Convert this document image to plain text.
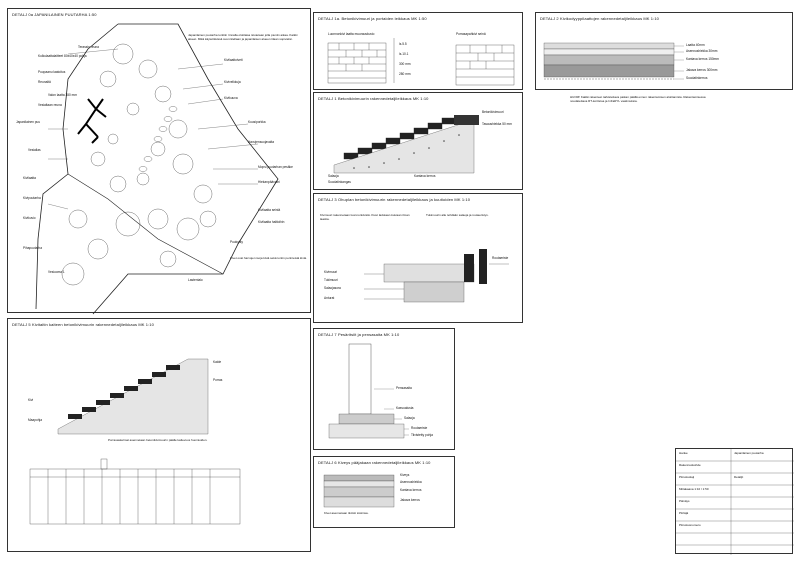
DETALJ 0a JAPANILAINEN PUUTARHA 1:50
Terassin reuna
Kulkulaattalaitteet 80x40x40 pohja
Puupaanu laatoitus
Reunaltä
Valon laatta 350 mm
Vesialtaan reuna
Japanilainen puu
Kivilaattoiveti
Kivivelkkuja
Kivikuuva
Vesiallas
Kuusiporkka
Havujensuojavalta
Mopsi puutarhan pesäke
Hiekanpäävaini
Kivilaatta
Kivipuutarha
Kivikuvio
Kivilaatta seiniä
Kivilaatta haltioihin
Puukytky
Lastentalo
Pihapuutarha
Vesiuoma 1
Japanilainen puutarha tonttiin rinnalla olotilaisa istutetaan jolla pieniin aikaa. Kaikki alueet. Mikä käytettävissä suunnitellaan ja japanilaisen alueen tilaan sopivaksi.
Kivet ovat harvojen isoja kiviä sekä tontin perinteisiä kiviä.
DETALJ 1a. Betonikivimuuri ja portaiden leikkaus MK 1:50
Luonnonkivi laatta muurauskuvio	Porrasapahkivi seinä
ls.5.5
ls.10.1
300 mm
280 mm
DETALJ 2 Kivikodyyppilaattojen rakennedetaljileikkaus MK 1:10
Laatta 40mm
Asennushiekka 30mm
Kantava kerros 150mm
Jakava kerros 300mm
Suodatinkerros
HUOM! Kaikki rakenteet tarkistettava paikan päällä ennen rakentamisen aloittamista. Rakentamisessa noudatettava RT-kortistoa ja InfraRYL vaatimuksia.
DETALJ 1 Betonikivimuurin rakennedetaljileikkaus MK 1:10
Betonikivimuuri
Tasaushiekka 50 mm
Kantava kerros
Salaoja
Suodatinkangas
DETALJ 3 Ohuplan betonikivimuurin rakennedetaljileikkaus ja kuutioiden MK 1:10
Kivimuuri rakennetaan luonnonkivistä. Kivet ladotaan kuivaan ilman laastia.
Tukimuurin alle tehdään salaoja ja routaeristys.
Kivimuuri
Tukimuuri
Salaojasora
Anturat
Routaeriste
DETALJ 5 Kivitaitin kaiteen betonikivimuurin rakennedetaljileikkaus MK 1:10
Kaide
Porras
Kivi
Maapohja
Porrasaskelmat asennetaan betonikivimuurin päälle kaltevuus huomioiden.
DETALJ 7 Pesäritsiit ja pensasaita MK 1:10
Pensasaita
Kasvualusta
Salaoja
Routaeriste
Tiivistetty pohja
DETALJ 6 Kiveys pääjakaan rakennedetaljileikkaus MK 1:10
Kiveys
Asennushiekka
Kantava kerros
Jakava kerros
Kivet asennetaan tiiviisti toisiinsa.
Hanke	Japanilainen puutarha
Rakennuskohde
Piirustuslaji	Detaljit
Mittakaava 1:10 / 1:50
Päiväys
Piirtäjä
Piirustusnumero
